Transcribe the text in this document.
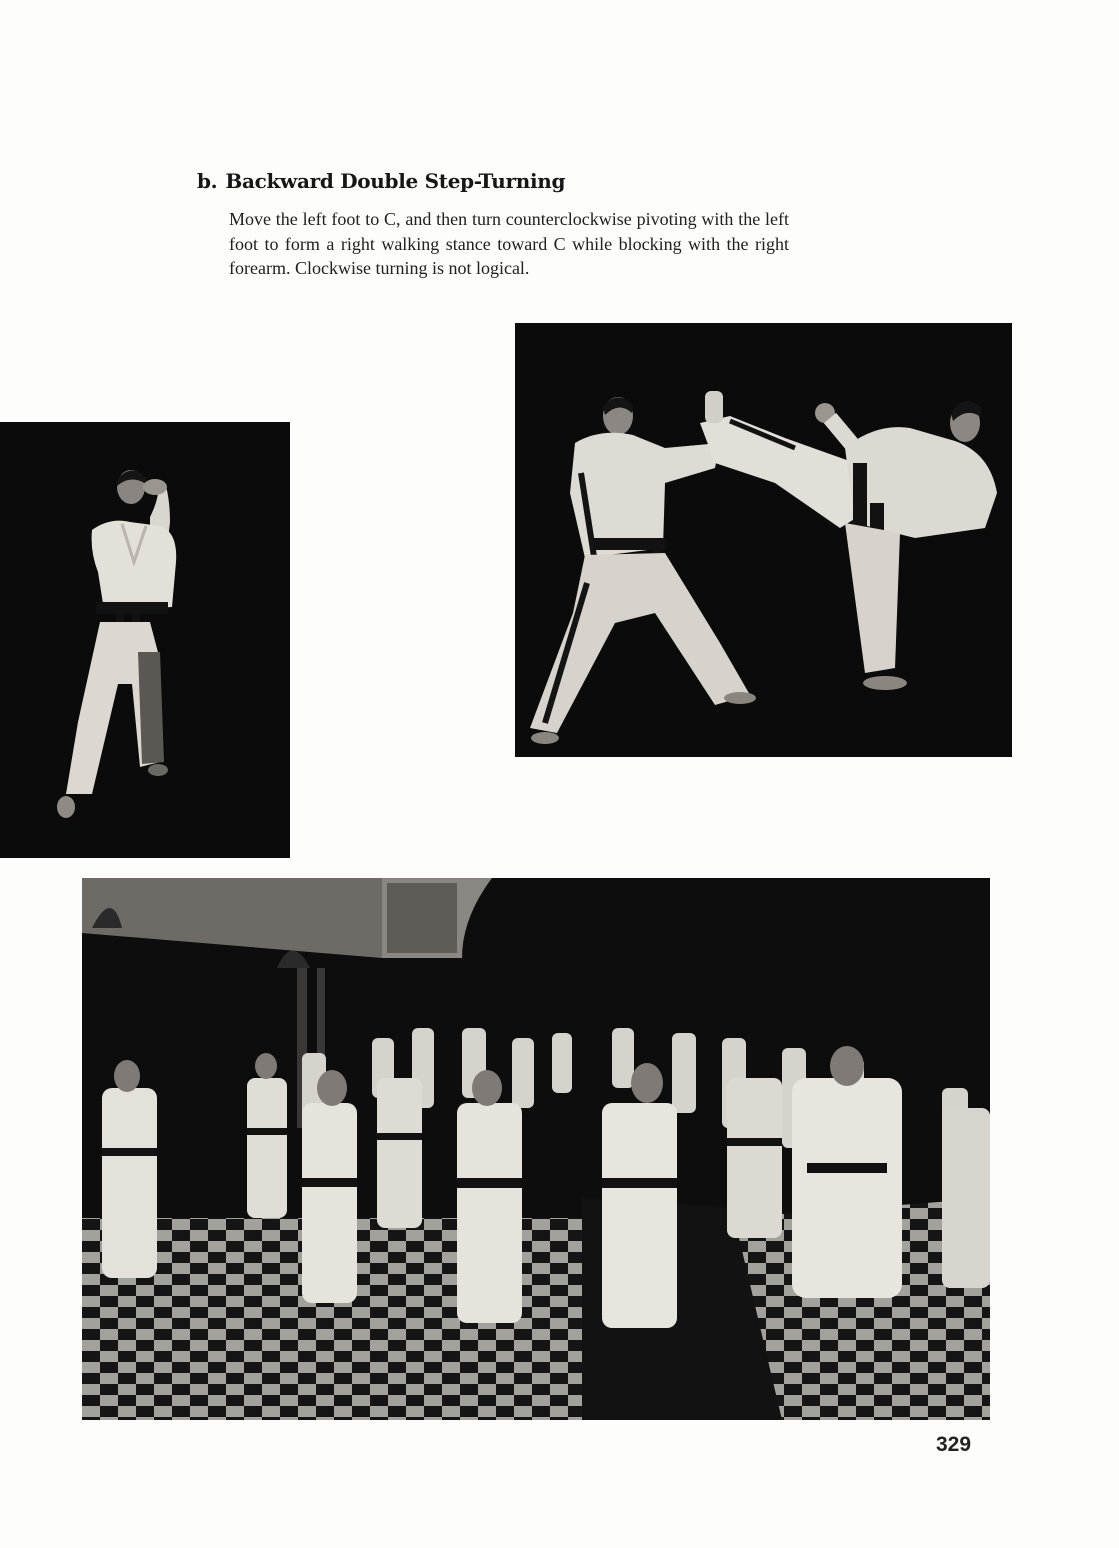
b. Backward Double Step-Turning

Move the left foot to C, and then turn counterclockwise pivoting with the left foot to form a right walking stance toward C while blocking with the right forearm. Clockwise turning is not logical.

329
